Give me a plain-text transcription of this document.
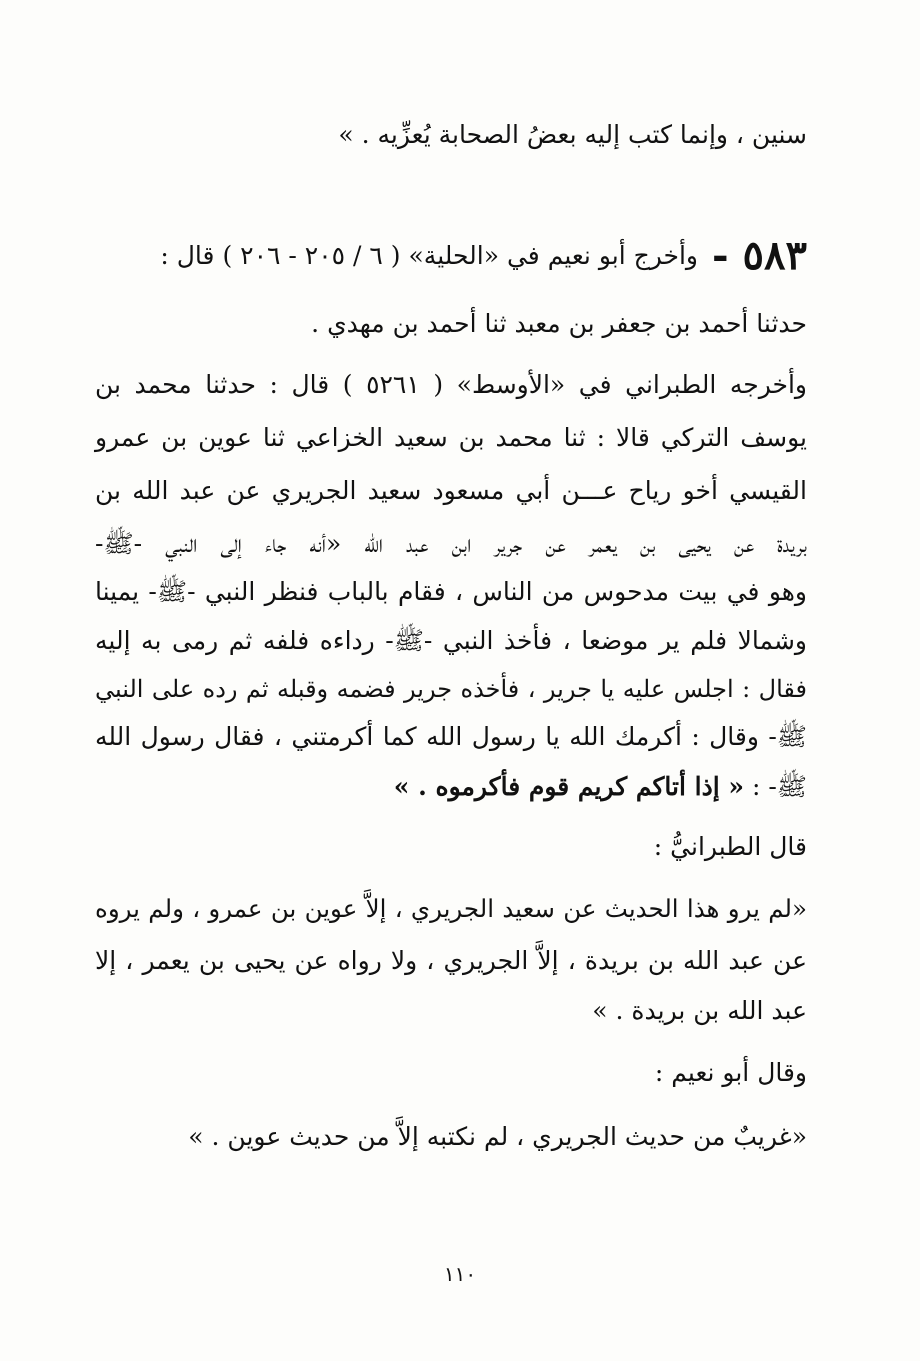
سنين ، وإنما كتب إليه بعضُ الصحابة يُعزِّيه . »
٥٨٣ -
وأخرج أبو نعيم في «الحلية» ( ٦ / ٢٠٥ - ٢٠٦ ) قال :
حدثنا أحمد بن جعفر بن معبد ثنا أحمد بن مهدي .
وأخرجه الطبراني في «الأوسط» ( ٥٢٦١ ) قال : حدثنا محمد بن
يوسف التركي قالا : ثنا محمد بن سعيد الخزاعي ثنا عوين بن عمرو
القيسي أخو رياح عـــن أبي مسعود سعيد الجريري عن عبد الله بن
بريدة عن يحيى بن يعمر عن جرير ابن عبد الله «أنه جاء إلى النبي -ﷺ-
وهو في بيت مدحوس من الناس ، فقام بالباب فنظر النبي -ﷺ- يمينا
وشمالا فلم ير موضعا ، فأخذ النبي -ﷺ- رداءه فلفه ثم رمى به إليه
فقال : اجلس عليه يا جرير ، فأخذه جرير فضمه وقبله ثم رده على النبي
ﷺ- وقال : أكرمك الله يا رسول الله كما أكرمتني ، فقال رسول الله
ﷺ- : « إذا أتاكم كريم قوم فأكرموه . »
قال الطبرانيُّ :
«لم يرو هذا الحديث عن سعيد الجريري ، إلاَّ عوين بن عمرو ، ولم يروه
عن عبد الله بن بريدة ، إلاَّ الجريري ، ولا رواه عن يحيى بن يعمر ، إلا
عبد الله بن بريدة . »
وقال أبو نعيم :
«غريبٌ من حديث الجريري ، لم نكتبه إلاَّ من حديث عوين . »
١١٠
